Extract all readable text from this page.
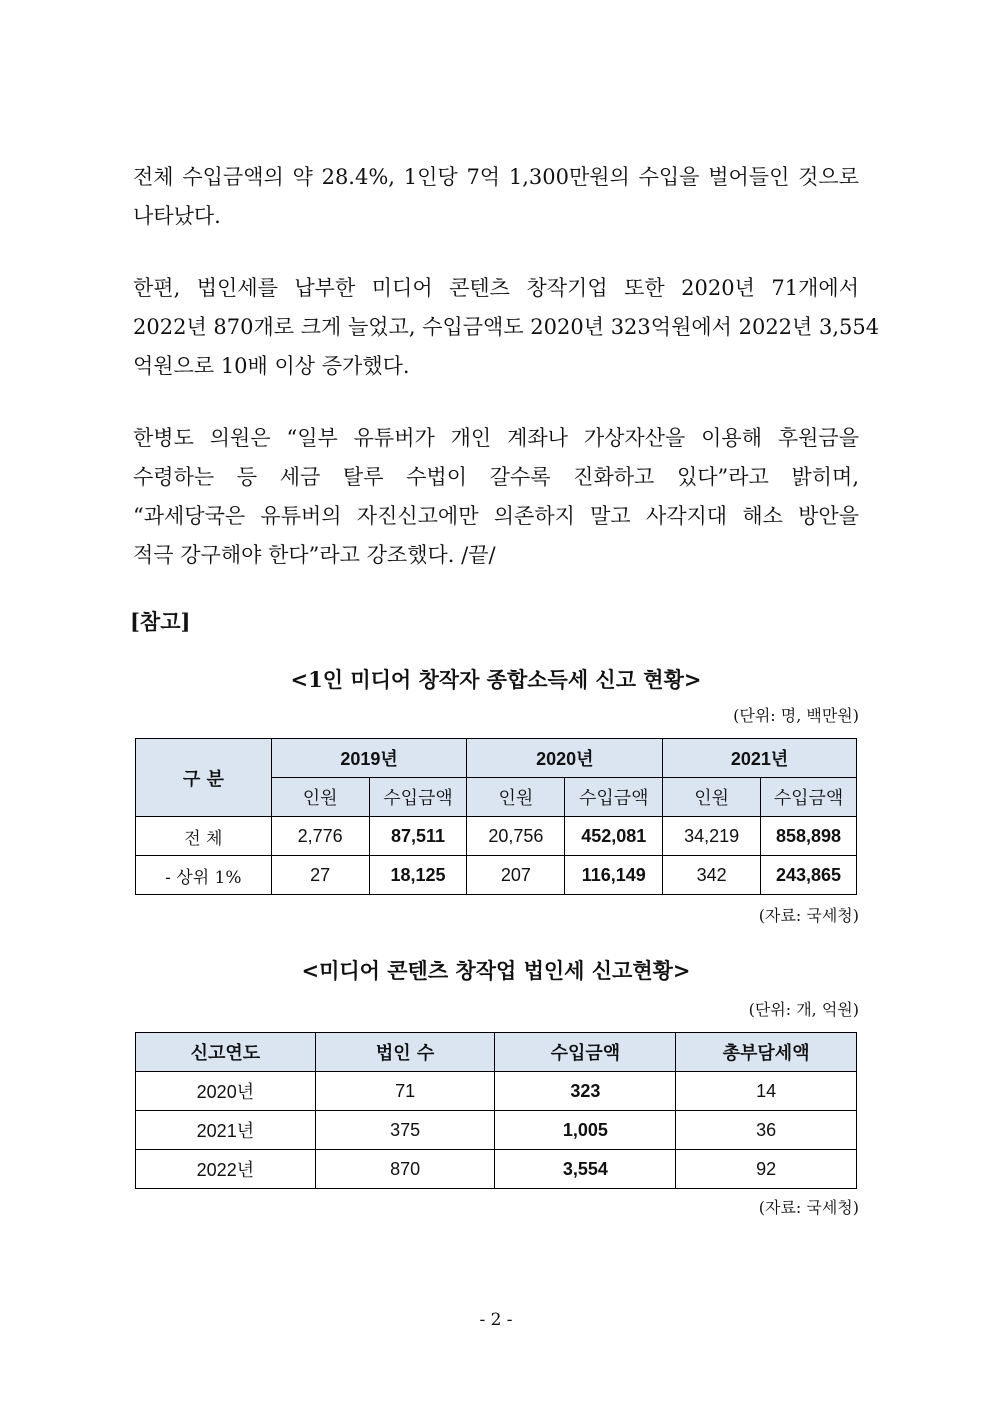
전체 수입금액의 약 28.4%, 1인당 7억 1,300만원의 수입을 벌어들인 것으로
나타났다.
한편, 법인세를 납부한 미디어 콘텐츠 창작기업 또한 2020년 71개에서
2022년 870개로 크게 늘었고, 수입금액도 2020년 323억원에서 2022년 3,554
억원으로 10배 이상 증가했다.
한병도 의원은 “일부 유튜버가 개인 계좌나 가상자산을 이용해 후원금을
수령하는 등 세금 탈루 수법이 갈수록 진화하고 있다”라고 밝히며,
“과세당국은 유튜버의 자진신고에만 의존하지 말고 사각지대 해소 방안을
적극 강구해야 한다”라고 강조했다. /끝/
[참고]
<1인 미디어 창작자 종합소득세 신고 현황>
(단위: 명, 백만원)
구 분	2019년		2020년		2021년	
	인원	수입금액	인원	수입금액	인원	수입금액
전 체	2,776	87,511	20,756	452,081	34,219	858,898
- 상위 1%	27	18,125	207	116,149	342	243,865
(자료: 국세청)
<미디어 콘텐츠 창작업 법인세 신고현황>
(단위: 개, 억원)
신고연도	법인 수	수입금액	총부담세액
2020년	71	323	14
2021년	375	1,005	36
2022년	870	3,554	92
(자료: 국세청)
- 2 -
